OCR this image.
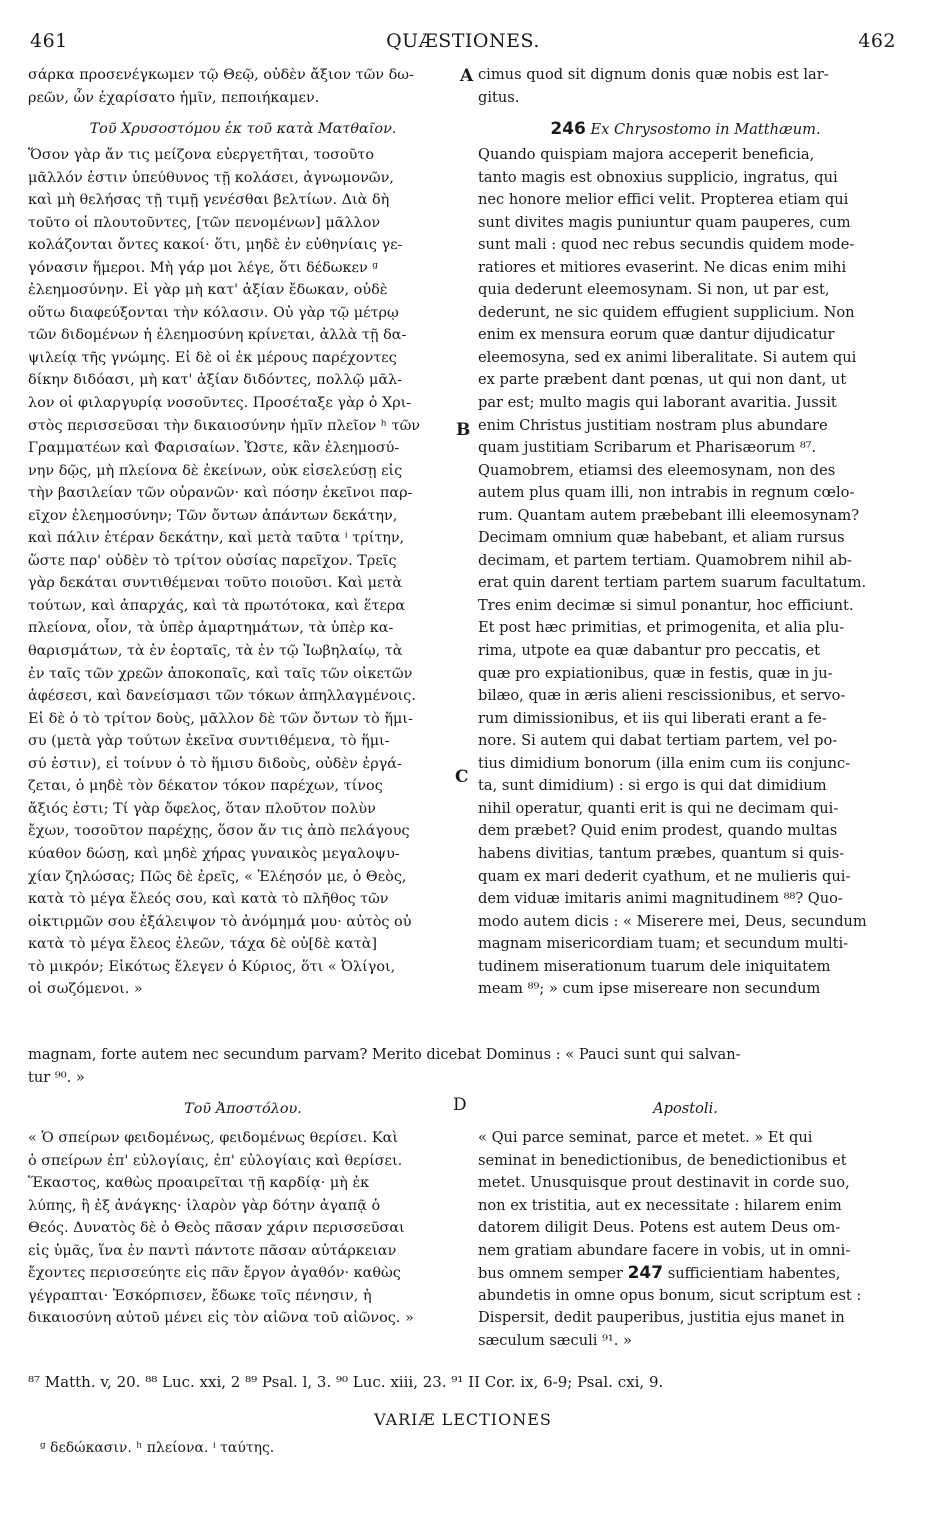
461	QUÆSTIONES.	462
σάρκα προσενέγκωμεν τῷ Θεῷ, οὐδὲν ἄξιον τῶν δω-
ρεῶν, ὧν ἐχαρίσατο ἡμῖν, πεποιήκαμεν.
cimus quod sit dignum donis quæ nobis est lar-
gitus.
Τοῦ Χρυσοστόμου ἐκ τοῦ κατὰ Ματθαῖον.	246 Ex Chrysostomo in Matthæum.
Ὅσον γὰρ ἄν τις μείζονα εὐεργετῆται, τοσοῦτο
μᾶλλόν ἐστιν ὑπεύθυνος τῇ κολάσει, ἀγνωμονῶν,
καὶ μὴ θελήσας τῇ τιμῇ γενέσθαι βελτίων. Διὰ δὴ
τοῦτο οἱ πλουτοῦντες, [τῶν πενομένων] μᾶλλον
κολάζονται ὄντες κακοί· ὅτι, μηδὲ ἐν εὐθηνίαις γε-
γόνασιν ἥμεροι. Μὴ γάρ μοι λέγε, ὅτι δέδωκεν ᵍ
ἐλεημοσύνην. Εἰ γὰρ μὴ κατ' ἀξίαν ἔδωκαν, οὐδὲ
οὕτω διαφεύξονται τὴν κόλασιν. Οὐ γὰρ τῷ μέτρῳ
τῶν διδομένων ἡ ἐλεημοσύνη κρίνεται, ἀλλὰ τῇ δα-
ψιλείᾳ τῆς γνώμης. Εἰ δὲ οἱ ἐκ μέρους παρέχοντες
δίκην διδόασι, μὴ κατ' ἀξίαν διδόντες, πολλῷ μᾶλ-
λον οἱ φιλαργυρίᾳ νοσοῦντες. Προσέταξε γὰρ ὁ Χρι-
στὸς περισσεῦσαι τὴν δικαιοσύνην ἡμῖν πλεῖον ʰ τῶν
Γραμματέων καὶ Φαρισαίων. Ὥστε, κἂν ἐλεημοσύ-
νην δῷς, μὴ πλείονα δὲ ἐκείνων, οὐκ εἰσελεύσῃ εἰς
τὴν βασιλείαν τῶν οὐρανῶν· καὶ πόσην ἐκεῖνοι παρ-
εῖχον ἐλεημοσύνην; Τῶν ὄντων ἁπάντων δεκάτην,
καὶ πάλιν ἑτέραν δεκάτην, καὶ μετὰ ταῦτα ⁱ τρίτην,
ὥστε παρ' οὐδὲν τὸ τρίτον οὐσίας παρεῖχον. Τρεῖς
γὰρ δεκάται συντιθέμεναι τοῦτο ποιοῦσι. Καὶ μετὰ
τούτων, καὶ ἀπαρχάς, καὶ τὰ πρωτότοκα, καὶ ἕτερα
πλείονα, οἷον, τὰ ὑπὲρ ἁμαρτημάτων, τὰ ὑπὲρ κα-
θαρισμάτων, τὰ ἐν ἑορταῖς, τὰ ἐν τῷ Ἰωβηλαίῳ, τὰ
ἐν ταῖς τῶν χρεῶν ἀποκοπαῖς, καὶ ταῖς τῶν οἰκετῶν
ἀφέσεσι, καὶ δανείσμασι τῶν τόκων ἀπηλλαγμένοις.
Εἰ δὲ ὁ τὸ τρίτον δοὺς, μᾶλλον δὲ τῶν ὄντων τὸ ἥμι-
συ (μετὰ γὰρ τούτων ἐκεῖνα συντιθέμενα, τὸ ἥμι-
σύ ἐστιν), εἰ τοίνυν ὁ τὸ ἥμισυ διδοὺς, οὐδὲν ἐργά-
ζεται, ὁ μηδὲ τὸν δέκατον τόκον παρέχων, τίνος
ἄξιός ἐστι; Τί γὰρ ὄφελος, ὅταν πλοῦτον πολὺν
ἔχων, τοσοῦτον παρέχῃς, ὅσον ἄν τις ἀπὸ πελάγους
κύαθον δώσῃ, καὶ μηδὲ χήρας γυναικὸς μεγαλοψυ-
χίαν ζηλώσας; Πῶς δὲ ἐρεῖς, « Ἐλέησόν με, ὁ Θεὸς,
κατὰ τὸ μέγα ἔλεός σου, καὶ κατὰ τὸ πλῆθος τῶν
οἰκτιρμῶν σου ἐξάλειψον τὸ ἀνόμημά μου· αὐτὸς οὐ
κατὰ τὸ μέγα ἔλεος ἐλεῶν, τάχα δὲ οὐ[δὲ κατὰ]
τὸ μικρόν; Εἰκότως ἔλεγεν ὁ Κύριος, ὅτι « Ὀλίγοι,
οἱ σωζόμενοι. »
Quando quispiam majora acceperit beneficia,
tanto magis est obnoxius supplicio, ingratus, qui
nec honore melior effici velit. Propterea etiam qui
sunt divites magis puniuntur quam pauperes, cum
sunt mali : quod nec rebus secundis quidem mode-
ratiores et mitiores evaserint. Ne dicas enim mihi
quia dederunt eleemosynam. Si non, ut par est,
dederunt, ne sic quidem effugient supplicium. Non
enim ex mensura eorum quæ dantur dijudicatur
eleemosyna, sed ex animi liberalitate. Si autem qui
ex parte præbent dant pœnas, ut qui non dant, ut
par est; multo magis qui laborant avaritia. Jussit
enim Christus justitiam nostram plus abundare
quam justitiam Scribarum et Pharisæorum ⁸⁷.
Quamobrem, etiamsi des eleemosynam, non des
autem plus quam illi, non intrabis in regnum cœlo-
rum. Quantam autem præbebant illi eleemosynam?
Decimam omnium quæ habebant, et aliam rursus
decimam, et partem tertiam. Quamobrem nihil ab-
erat quin darent tertiam partem suarum facultatum.
Tres enim decimæ si simul ponantur, hoc efficiunt.
Et post hæc primitias, et primogenita, et alia plu-
rima, utpote ea quæ dabantur pro peccatis, et
quæ pro expiationibus, quæ in festis, quæ in ju-
bilæo, quæ in æris alieni rescissionibus, et servo-
rum dimissionibus, et iis qui liberati erant a fe-
nore. Si autem qui dabat tertiam partem, vel po-
tius dimidium bonorum (illa enim cum iis conjunc-
ta, sunt dimidium) : si ergo is qui dat dimidium
nihil operatur, quanti erit is qui ne decimam qui-
dem præbet? Quid enim prodest, quando multas
habens divitias, tantum præbes, quantum si quis-
quam ex mari dederit cyathum, et ne mulieris qui-
dem viduæ imitaris animi magnitudinem ⁸⁸? Quo-
modo autem dicis : « Miserere mei, Deus, secundum
magnam misericordiam tuam; et secundum multi-
tudinem miserationum tuarum dele iniquitatem
meam ⁸⁹; » cum ipse misereare non secundum
A
B
C
D
magnam, forte autem nec secundum parvam? Merito dicebat Dominus : « Pauci sunt qui salvan-
tur ⁹⁰. »
Τοῦ Ἀποστόλου.	Apostoli.
« Ὁ σπείρων φειδομένως, φειδομένως θερίσει. Καὶ
ὁ σπείρων ἐπ' εὐλογίαις, ἐπ' εὐλογίαις καὶ θερίσει.
Ἕκαστος, καθὼς προαιρεῖται τῇ καρδίᾳ· μὴ ἐκ
λύπης, ἢ ἐξ ἀνάγκης· ἱλαρὸν γὰρ δότην ἀγαπᾷ ὁ
Θεός. Δυνατὸς δὲ ὁ Θεὸς πᾶσαν χάριν περισσεῦσαι
εἰς ὑμᾶς, ἵνα ἐν παντὶ πάντοτε πᾶσαν αὐτάρκειαν
ἔχοντες περισσεύητε εἰς πᾶν ἔργον ἀγαθόν· καθὼς
γέγραπται· Ἐσκόρπισεν, ἔδωκε τοῖς πένησιν, ἡ
δικαιοσύνη αὐτοῦ μένει εἰς τὸν αἰῶνα τοῦ αἰῶνος. »
« Qui parce seminat, parce et metet. » Et qui
seminat in benedictionibus, de benedictionibus et
metet. Unusquisque prout destinavit in corde suo,
non ex tristitia, aut ex necessitate : hilarem enim
datorem diligit Deus. Potens est autem Deus om-
nem gratiam abundare facere in vobis, ut in omni-
bus omnem semper 247 sufficientiam habentes,
abundetis in omne opus bonum, sicut scriptum est :
Dispersit, dedit pauperibus, justitia ejus manet in
sæculum sæculi ⁹¹. »
⁸⁷ Matth. v, 20. ⁸⁸ Luc. xxi, 2 ⁸⁹ Psal. l, 3. ⁹⁰ Luc. xiii, 23. ⁹¹ II Cor. ix, 6-9; Psal. cxi, 9.
VARIÆ LECTIONES
ᵍ δεδώκασιν. ʰ πλείονα. ⁱ ταύτης.
